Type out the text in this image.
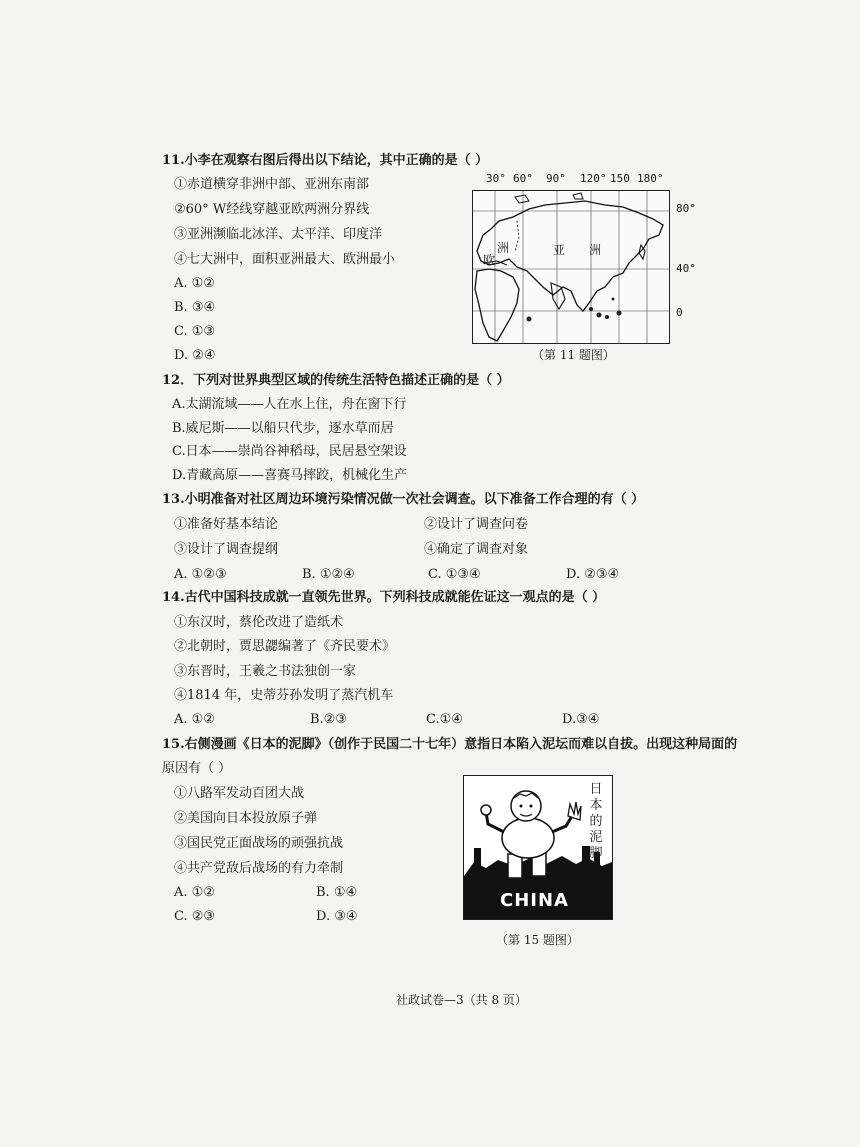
11.小李在观察右图后得出以下结论，其中正确的是（ ）
①赤道横穿非洲中部、亚洲东南部
②60° W经线穿越亚欧两洲分界线
③亚洲濒临北冰洋、太平洋、印度洋
④七大洲中，面积亚洲最大、欧洲最小
A. ①②
B. ③④
C. ①③
D. ②④
30° 60° 90° 120° 150 180°
80°
40°
0
洲
欧
亚 洲
（第 11 题图）
12．下列对世界典型区域的传统生活特色描述正确的是（ ）
A.太湖流域——人在水上住，舟在窗下行
B.威尼斯——以船只代步，逐水草而居
C.日本——崇尚谷神稻母，民居悬空架设
D.青藏高原——喜赛马摔跤，机械化生产
13.小明准备对社区周边环境污染情况做一次社会调查。以下准备工作合理的有（ ）
①准备好基本结论	②设计了调查问卷
③设计了调查提纲	④确定了调查对象
A. ①②③	B. ①②④	C. ①③④	D. ②③④
14.古代中国科技成就一直领先世界。下列科技成就能佐证这一观点的是（ ）
①东汉时，蔡伦改进了造纸术
②北朝时，贾思勰编著了《齐民要术》
③东晋时，王羲之书法独创一家
④1814 年，史蒂芬孙发明了蒸汽机车
A. ①②	B.②③	C.①④	D.③④
15.右侧漫画《日本的泥脚》（创作于民国二十七年）意指日本陷入泥坛而难以自拔。出现这种局面的
原因有（ ）
①八路军发动百团大战
②美国向日本投放原子弹
③国民党正面战场的顽强抗战
④共产党敌后战场的有力牵制
A. ①②	B. ①④
C. ②③	D. ③④
日本的泥脚
CHINA
（第 15 题图）
社政试卷—3（共 8 页）
